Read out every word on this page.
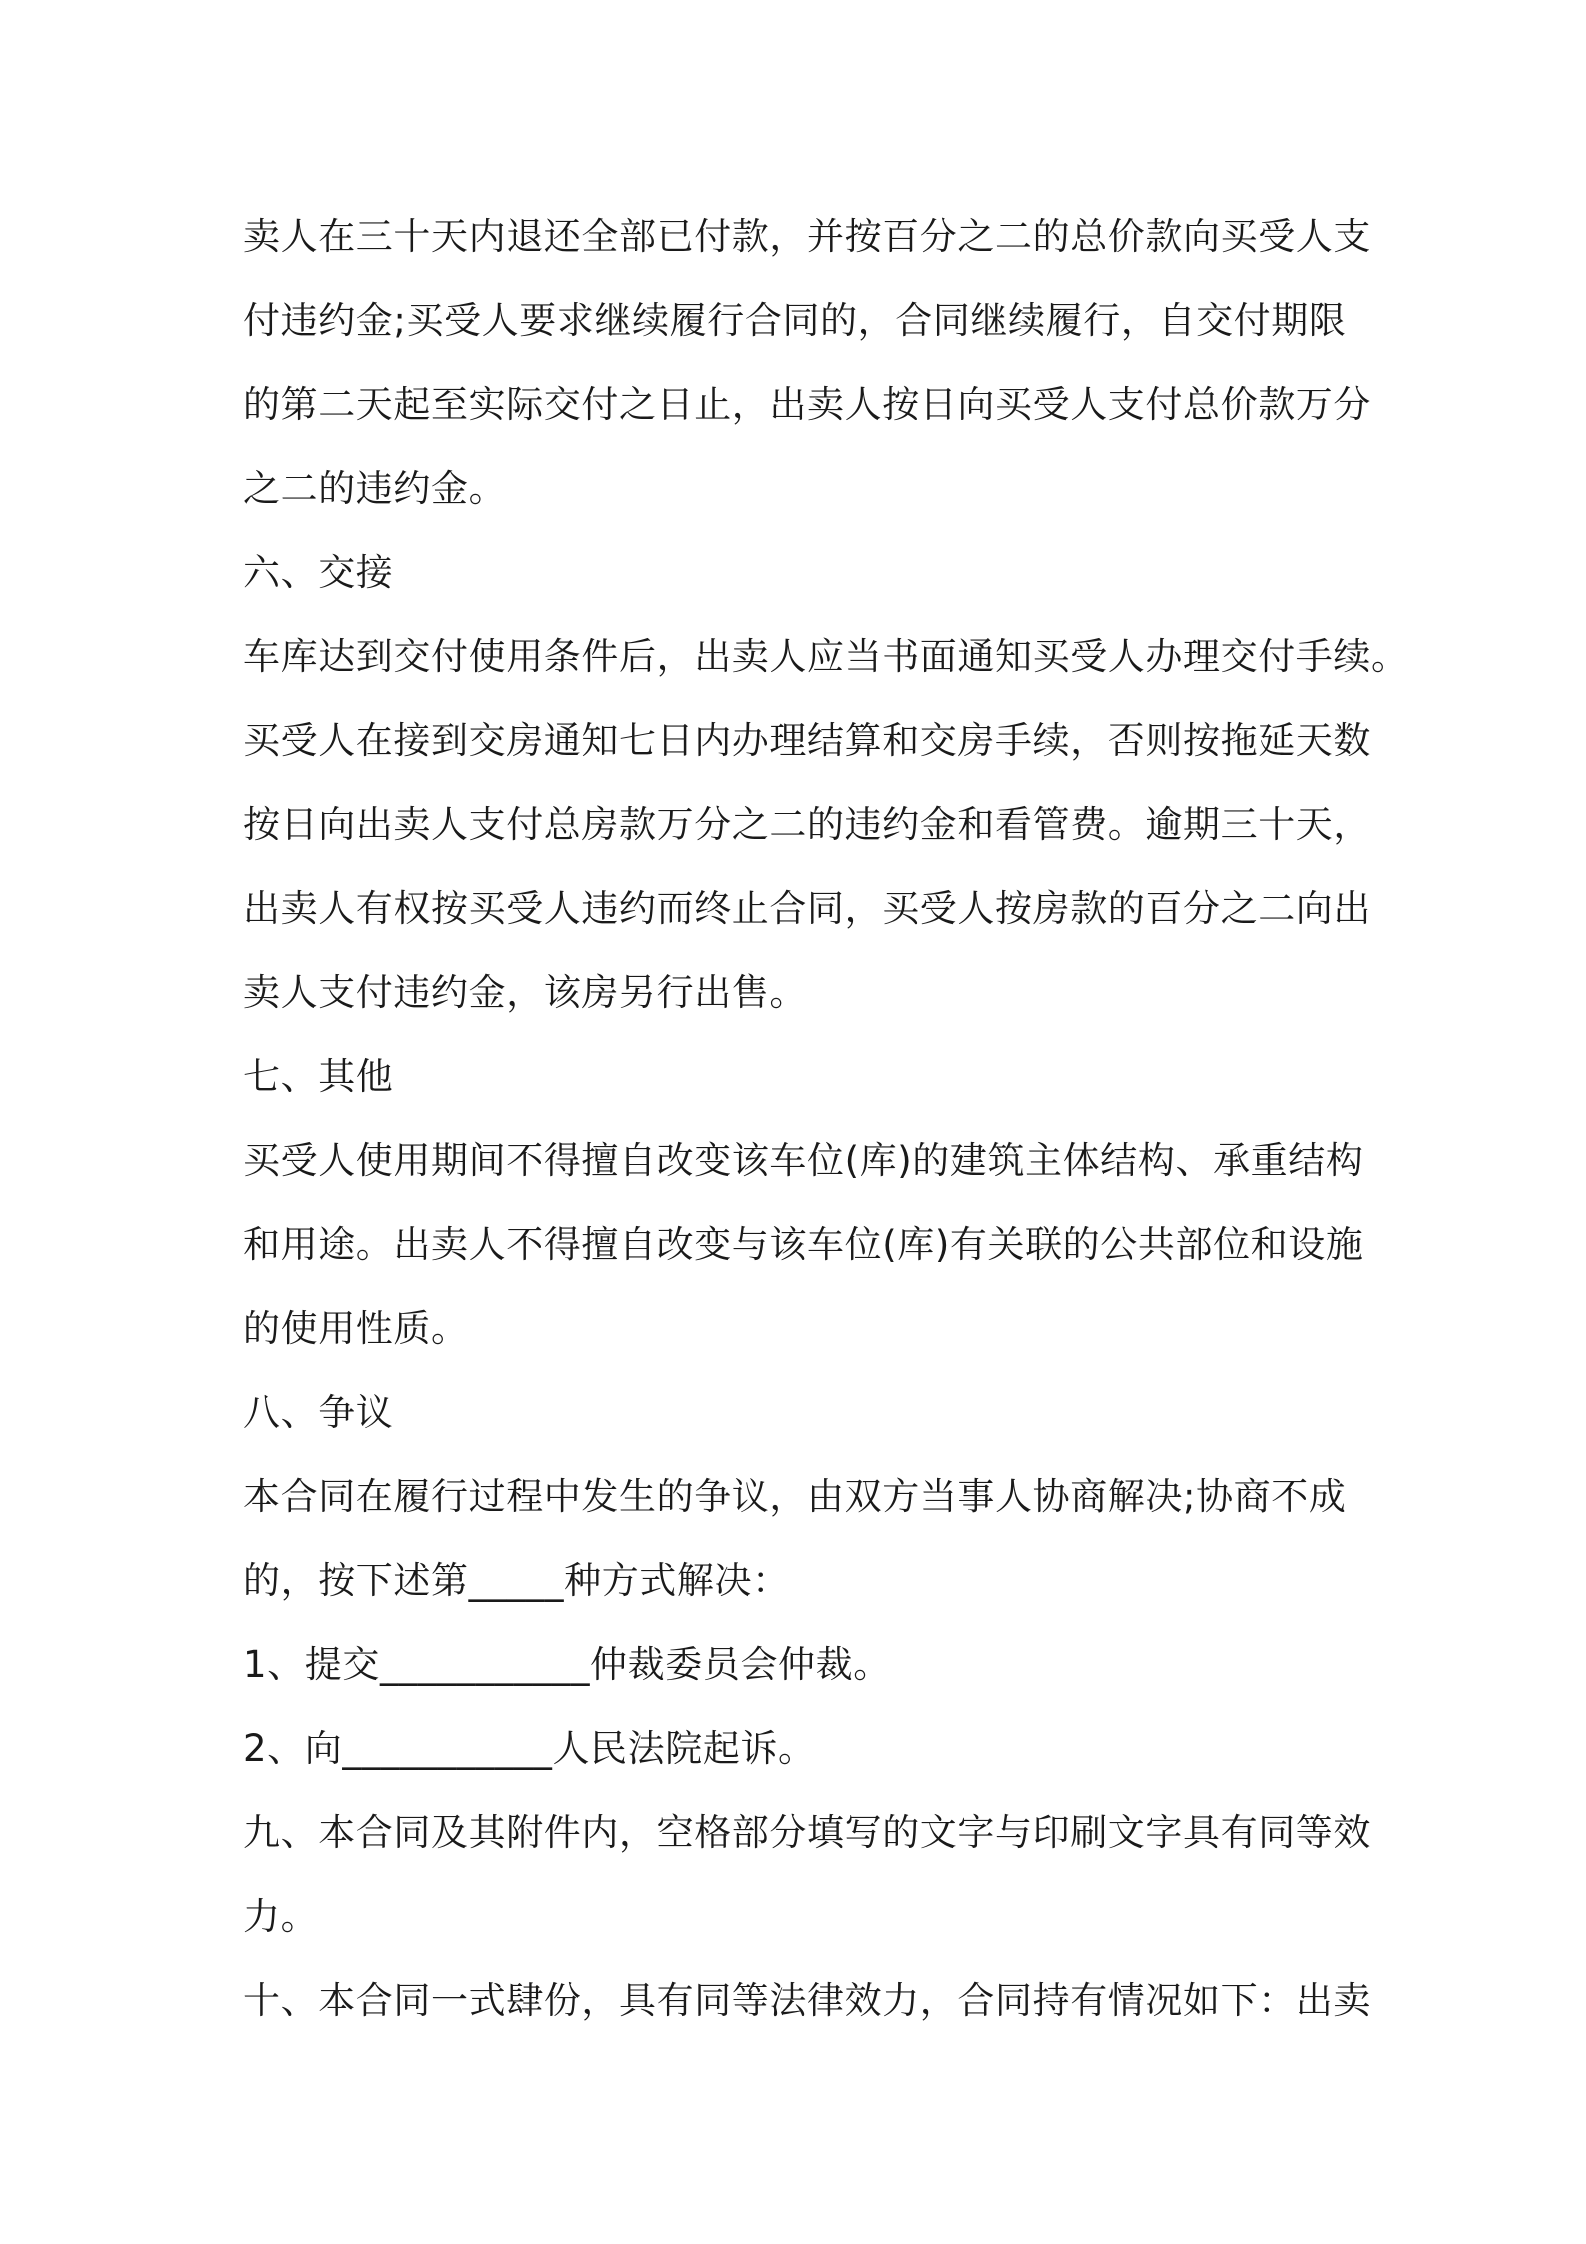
卖人在三十天内退还全部已付款，并按百分之二的总价款向买受人支
付违约金;买受人要求继续履行合同的，合同继续履行，自交付期限
的第二天起至实际交付之日止，出卖人按日向买受人支付总价款万分
之二的违约金。
六、交接
车库达到交付使用条件后，出卖人应当书面通知买受人办理交付手续。
买受人在接到交房通知七日内办理结算和交房手续，否则按拖延天数
按日向出卖人支付总房款万分之二的违约金和看管费。逾期三十天，
出卖人有权按买受人违约而终止合同，买受人按房款的百分之二向出
卖人支付违约金，该房另行出售。
七、其他
买受人使用期间不得擅自改变该车位(库)的建筑主体结构、承重结构
和用途。出卖人不得擅自改变与该车位(库)有关联的公共部位和设施
的使用性质。
八、争议
本合同在履行过程中发生的争议，由双方当事人协商解决;协商不成
的，按下述第_____种方式解决：
1、提交___________仲裁委员会仲裁。
2、向___________人民法院起诉。
九、本合同及其附件内，空格部分填写的文字与印刷文字具有同等效
力。
十、本合同一式肆份，具有同等法律效力，合同持有情况如下：出卖
